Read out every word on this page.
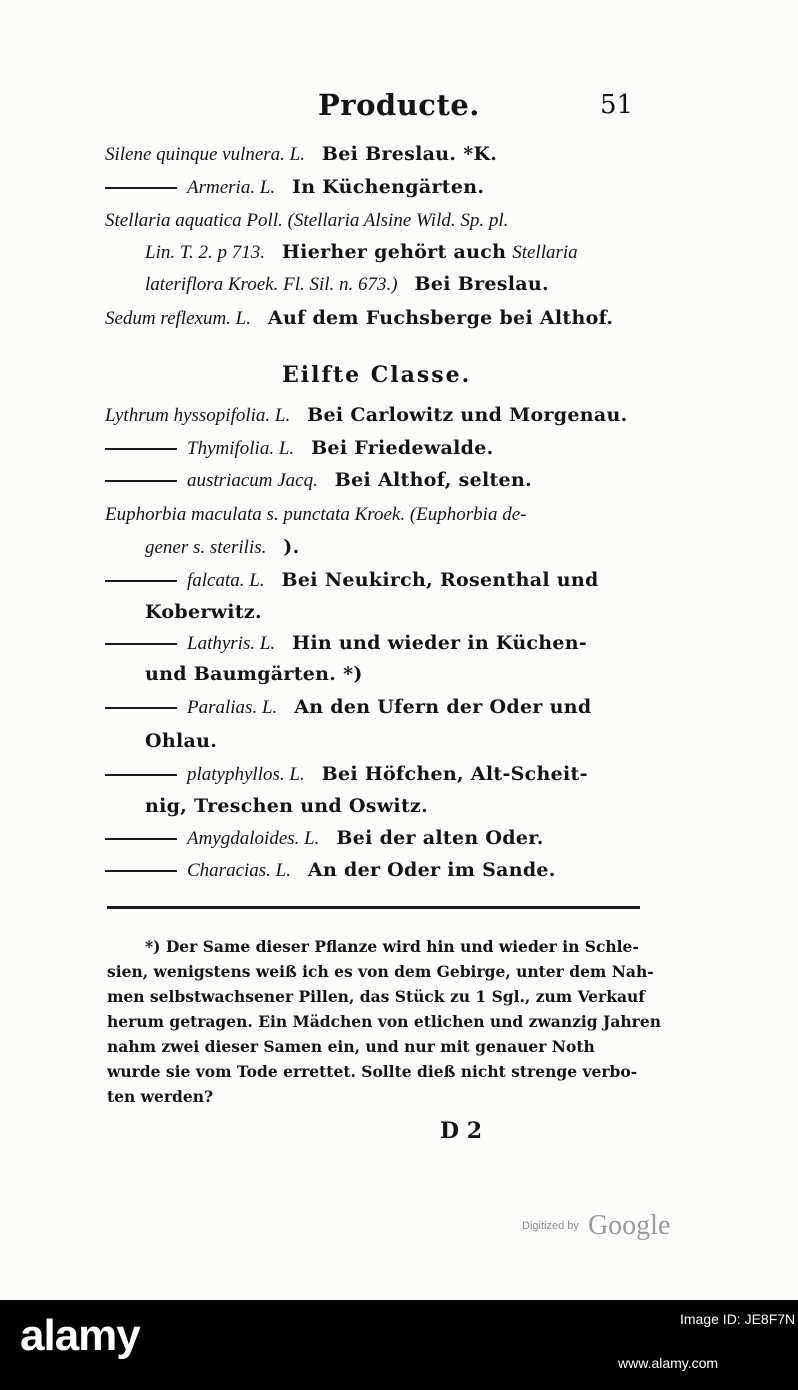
Producte.	51
Silene quinque vulnera. L. Bei Breslau. *K.
Armeria. L. In Küchengärten.
Stellaria aquatica Poll. (Stellaria Alsine Wild. Sp. pl.
Lin. T. 2. p 713. Hierher gehört auch Stellaria
lateriflora Kroek. Fl. Sil. n. 673.) Bei Breslau.
Sedum reflexum. L. Auf dem Fuchsberge bei Althof.
Eilfte Classe.
Lythrum hyssopifolia. L. Bei Carlowitz und Morgenau.
Thymifolia. L. Bei Friedewalde.
austriacum Jacq. Bei Althof, selten.
Euphorbia maculata s. punctata Kroek. (Euphorbia de-
gener s. sterilis. ).
falcata. L. Bei Neukirch, Rosenthal und
Koberwitz.
Lathyris. L. Hin und wieder in Küchen-
und Baumgärten. *)
Paralias. L. An den Ufern der Oder und
Ohlau.
platyphyllos. L. Bei Höfchen, Alt-Scheit-
nig, Treschen und Oswitz.
Amygdaloides. L. Bei der alten Oder.
Characias. L. An der Oder im Sande.
*) Der Same dieser Pflanze wird hin und wieder in Schle-
sien, wenigstens weiß ich es von dem Gebirge, unter dem Nah-
men selbstwachsener Pillen, das Stück zu 1 Sgl., zum Verkauf
herum getragen. Ein Mädchen von etlichen und zwanzig Jahren
nahm zwei dieser Samen ein, und nur mit genauer Noth
wurde sie vom Tode errettet. Sollte dieß nicht strenge verbo-
ten werden?
D 2
Digitized by Google
alamy	Image ID: JE8F7N
www.alamy.com
